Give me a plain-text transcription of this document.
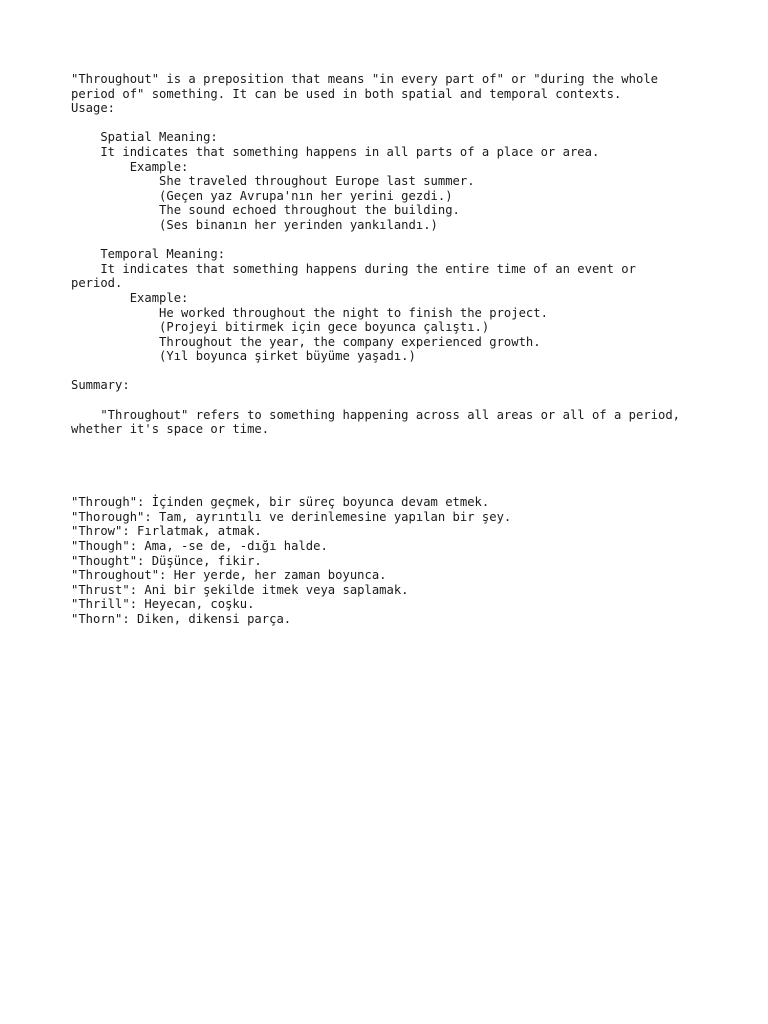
"Throughout" is a preposition that means "in every part of" or "during the whole

period of" something. It can be used in both spatial and temporal contexts.

Usage:

Spatial Meaning:

It indicates that something happens in all parts of a place or area.

Example:

She traveled throughout Europe last summer.

(Geçen yaz Avrupa'nın her yerini gezdi.)

The sound echoed throughout the building.

(Ses binanın her yerinden yankılandı.)

Temporal Meaning:

It indicates that something happens during the entire time of an event or

period.

Example:

He worked throughout the night to finish the project.

(Projeyi bitirmek için gece boyunca çalıştı.)

Throughout the year, the company experienced growth.

(Yıl boyunca şirket büyüme yaşadı.)

Summary:

"Throughout" refers to something happening across all areas or all of a period,

whether it's space or time.

"Through": İçinden geçmek, bir süreç boyunca devam etmek.

"Thorough": Tam, ayrıntılı ve derinlemesine yapılan bir şey.

"Throw": Fırlatmak, atmak.

"Though": Ama, -se de, -dığı halde.

"Thought": Düşünce, fikir.

"Throughout": Her yerde, her zaman boyunca.

"Thrust": Ani bir şekilde itmek veya saplamak.

"Thrill": Heyecan, coşku.

"Thorn": Diken, dikensi parça.
